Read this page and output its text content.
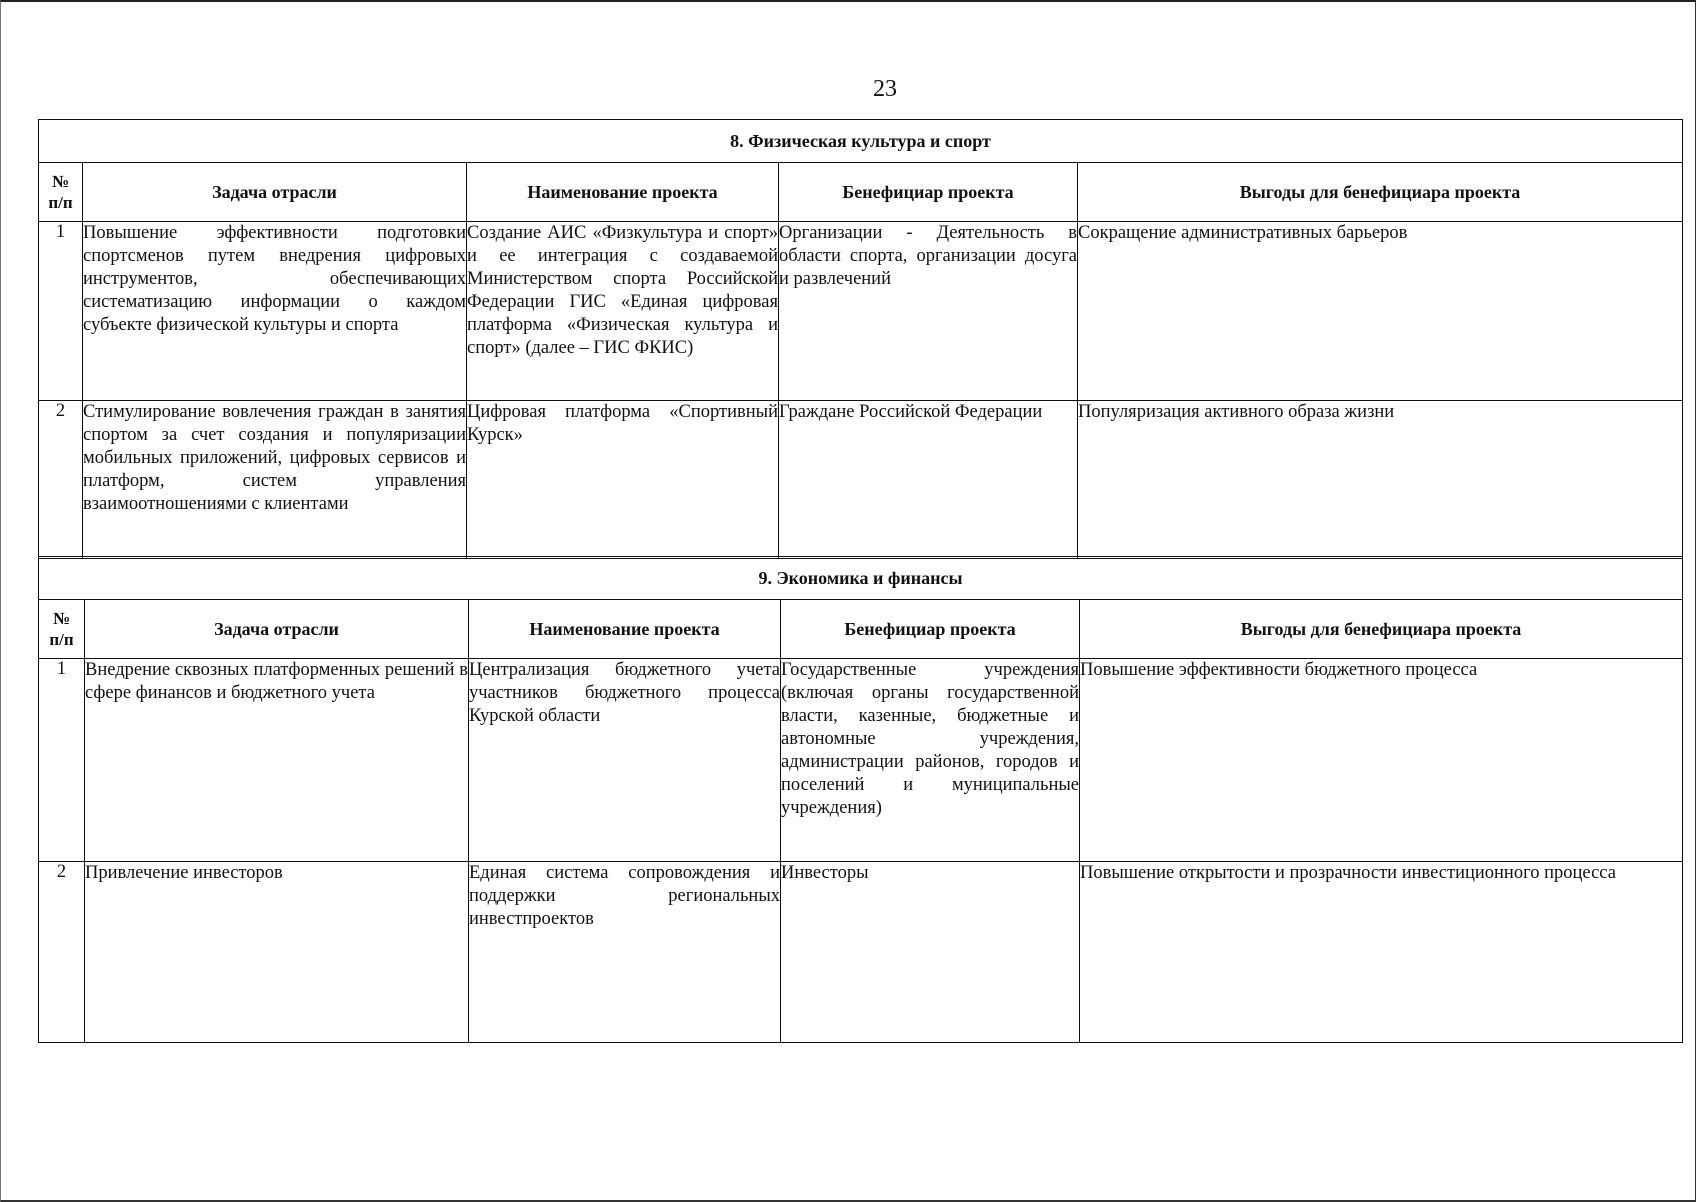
23
8. Физическая культура и спорт				
№
п/п	Задача отрасли	Наименование проекта	Бенефициар проекта	Выгоды для бенефициара проекта
1	Повышение эффективности подготовки спортсменов путем внедрения цифровых инструментов, обеспечивающих систематизацию информации о каждом субъекте физической культуры и спорта	Создание АИС «Физкультура и спорт» и ее интеграция с создаваемой Министерством спорта Российской Федерации ГИС «Единая цифровая платформа «Физическая культура и спорт» (далее – ГИС ФКИС)	Организации - Деятельность в области спорта, организации досуга и развлечений	Сокращение административных барьеров
2	Стимулирование вовлечения граждан в занятия спортом за счет создания и популяризации мобильных приложений, цифровых сервисов и платформ, систем управления взаимоотношениями с клиентами	Цифровая платформа «Спортивный Курск»	Граждане Российской Федерации	Популяризация активного образа жизни
9. Экономика и финансы				
№
п/п	Задача отрасли	Наименование проекта	Бенефициар проекта	Выгоды для бенефициара проекта
1	Внедрение сквозных платформенных решений в сфере финансов и бюджетного учета	Централизация бюджетного учета участников бюджетного процесса Курской области	Государственные учреждения (включая органы государственной власти, казенные, бюджетные и автономные учреждения, администрации районов, городов и поселений и муниципальные учреждения)	Повышение эффективности бюджетного процесса
2	Привлечение инвесторов	Единая система сопровождения и поддержки региональных инвестпроектов	Инвесторы	Повышение открытости и прозрачности инвестиционного процесса
